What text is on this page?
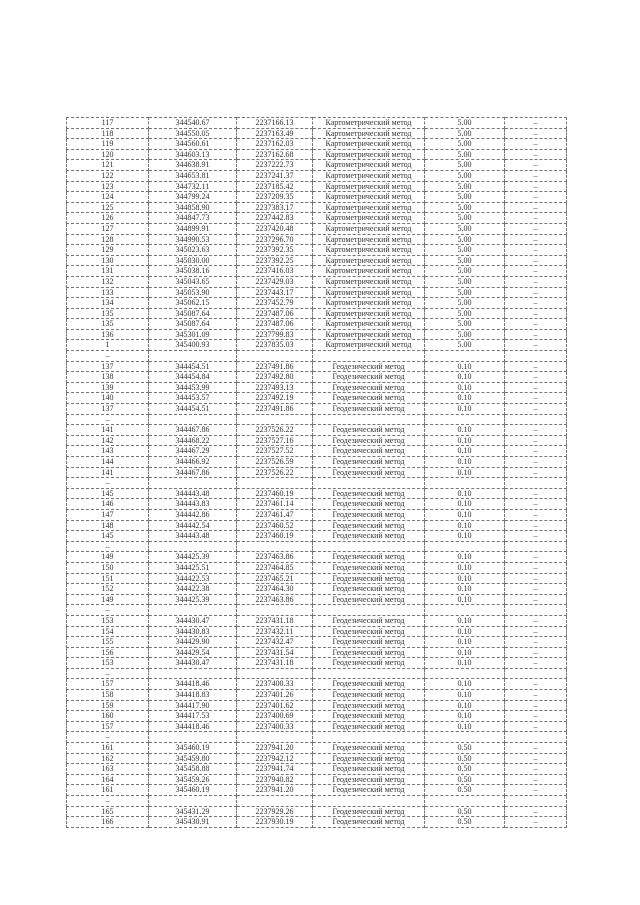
117	344540.67	2237166.13	Картометрический метод	5.00	–
118	344550.05	2237163.49	Картометрический метод	5.00	–
119	344560.61	2237162.03	Картометрический метод	5.00	–
120	344603.13	2237162.68	Картометрический метод	5.00	–
121	344638.91	2237222.73	Картометрический метод	5.00	–
122	344653.81	2237241.37	Картометрический метод	5.00	–
123	344732.11	2237185.42	Картометрический метод	5.00	–
124	344799.24	2237209.35	Картометрический метод	5.00	–
125	344858.90	2237383.17	Картометрический метод	5.00	–
126	344847.73	2237442.83	Картометрический метод	5.00	–
127	344899.91	2237420.48	Картометрический метод	5.00	–
128	344990.53	2237296.70	Картометрический метод	5.00	–
129	345023.63	2237392.35	Картометрический метод	5.00	–
130	345030.00	2237392.25	Картометрический метод	5.00	–
131	345038.16	2237416.03	Картометрический метод	5.00	–
132	345043.65	2237429.03	Картометрический метод	5.00	–
133	345053.90	2237443.17	Картометрический метод	5.00	–
134	345062.15	2237452.79	Картометрический метод	5.00	–
135	345087.64	2237487.06	Картометрический метод	5.00	–
135	345087.64	2237487.06	Картометрический метод	5.00	–
136	345301.09	2237799.83	Картометрический метод	5.00	–
1	345400.93	2237835.03	Картометрический метод	5.00	–
–					
137	344454.51	2237491.86	Геодезический метод	0.10	–
138	344454.84	2237492.80	Геодезический метод	0.10	–
139	344453.99	2237493.13	Геодезический метод	0.10	–
140	344453.57	2237492.19	Геодезический метод	0.10	–
137	344454.51	2237491.86	Геодезический метод	0.10	–
–					
141	344467.86	2237526.22	Геодезический метод	0.10	–
142	344468.22	2237527.16	Геодезический метод	0.10	–
143	344467.29	2237527.52	Геодезический метод	0.10	–
144	344466.92	2237526.59	Геодезический метод	0.10	–
141	344467.86	2237526.22	Геодезический метод	0.10	–
–					
145	344443.48	2237460.19	Геодезический метод	0.10	–
146	344443.83	2237461.14	Геодезический метод	0.10	–
147	344442.86	2237461.47	Геодезический метод	0.10	–
148	344442.54	2237460.52	Геодезический метод	0.10	–
145	344443.48	2237460.19	Геодезический метод	0.10	–
–					
149	344425.39	2237463.86	Геодезический метод	0.10	–
150	344425.51	2237464.85	Геодезический метод	0.10	–
151	344422.53	2237465.21	Геодезический метод	0.10	–
152	344422.38	2237464.30	Геодезический метод	0.10	–
149	344425.39	2237463.86	Геодезический метод	0.10	–
–					
153	344430.47	2237431.18	Геодезический метод	0.10	–
154	344430.83	2237432.11	Геодезический метод	0.10	–
155	344429.90	2237432.47	Геодезический метод	0.10	–
156	344429.54	2237431.54	Геодезический метод	0.10	–
153	344430.47	2237431.18	Геодезический метод	0.10	–
–					
157	344418.46	2237400.33	Геодезический метод	0.10	–
158	344418.83	2237401.26	Геодезический метод	0.10	–
159	344417.90	2237401.62	Геодезический метод	0.10	–
160	344417.53	2237400.69	Геодезический метод	0.10	–
157	344418.46	2237400.33	Геодезический метод	0.10	–
–					
161	345460.19	2237941.20	Геодезический метод	0.50	–
162	345459.80	2237942.12	Геодезический метод	0.50	–
163	345458.88	2237941.74	Геодезический метод	0.50	–
164	345459.26	2237940.82	Геодезический метод	0.50	–
161	345460.19	2237941.20	Геодезический метод	0.50	–
–					
165	345431.29	2237929.26	Геодезический метод	0.50	–
166	345430.91	2237930.19	Геодезический метод	0.50	–
